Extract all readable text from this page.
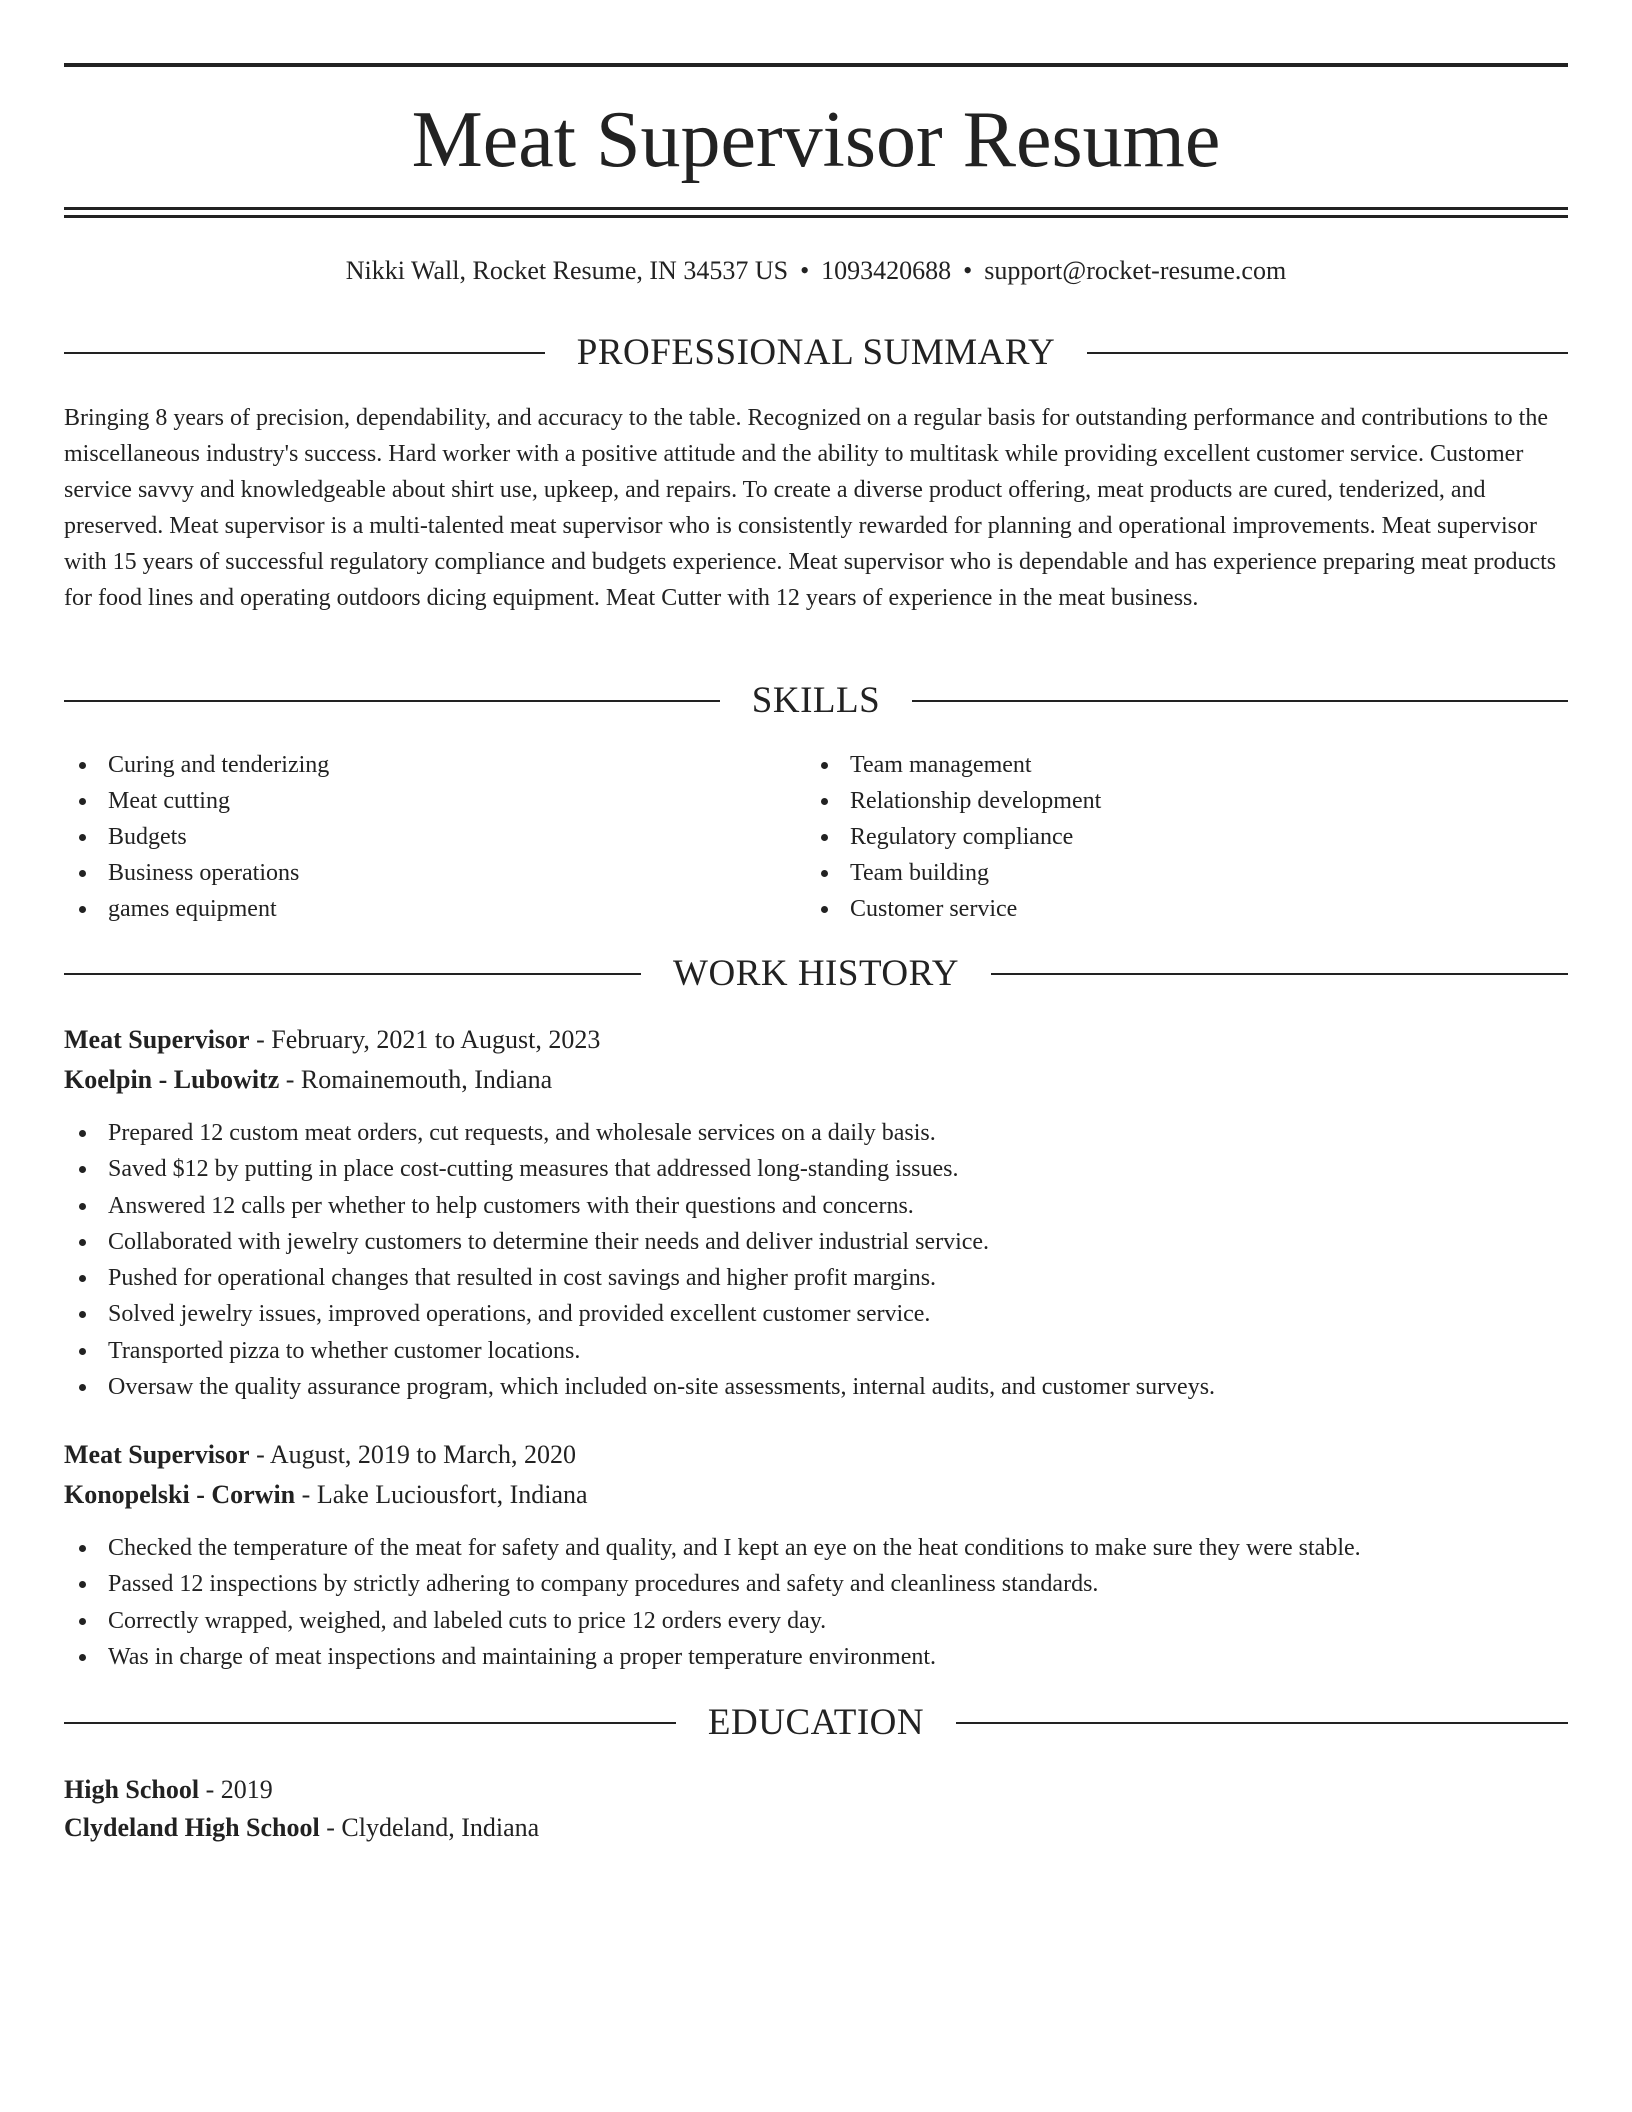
Meat Supervisor Resume
Nikki Wall, Rocket Resume, IN 34537 US • 1093420688 • support@rocket-resume.com
PROFESSIONAL SUMMARY

Bringing 8 years of precision, dependability, and accuracy to the table. Recognized on a regular basis for outstanding performance and contributions to the miscellaneous industry's success. Hard worker with a positive attitude and the ability to multitask while providing excellent customer service. Customer service savvy and knowledgeable about shirt use, upkeep, and repairs. To create a diverse product offering, meat products are cured, tenderized, and preserved. Meat supervisor is a multi-talented meat supervisor who is consistently rewarded for planning and operational improvements. Meat supervisor with 15 years of successful regulatory compliance and budgets experience. Meat supervisor who is dependable and has experience preparing meat products for food lines and operating outdoors dicing equipment. Meat Cutter with 12 years of experience in the meat business.

SKILLS
Curing and tenderizing
Meat cutting
Budgets
Business operations
games equipment
Team management
Relationship development
Regulatory compliance
Team building
Customer service
WORK HISTORY
Meat Supervisor - February, 2021 to August, 2023
Koelpin - Lubowitz - Romainemouth, Indiana
Prepared 12 custom meat orders, cut requests, and wholesale services on a daily basis.
Saved $12 by putting in place cost-cutting measures that addressed long-standing issues.
Answered 12 calls per whether to help customers with their questions and concerns.
Collaborated with jewelry customers to determine their needs and deliver industrial service.
Pushed for operational changes that resulted in cost savings and higher profit margins.
Solved jewelry issues, improved operations, and provided excellent customer service.
Transported pizza to whether customer locations.
Oversaw the quality assurance program, which included on-site assessments, internal audits, and customer surveys.
Meat Supervisor - August, 2019 to March, 2020
Konopelski - Corwin - Lake Luciousfort, Indiana
Checked the temperature of the meat for safety and quality, and I kept an eye on the heat conditions to make sure they were stable.
Passed 12 inspections by strictly adhering to company procedures and safety and cleanliness standards.
Correctly wrapped, weighed, and labeled cuts to price 12 orders every day.
Was in charge of meat inspections and maintaining a proper temperature environment.
EDUCATION
High School - 2019
Clydeland High School - Clydeland, Indiana
